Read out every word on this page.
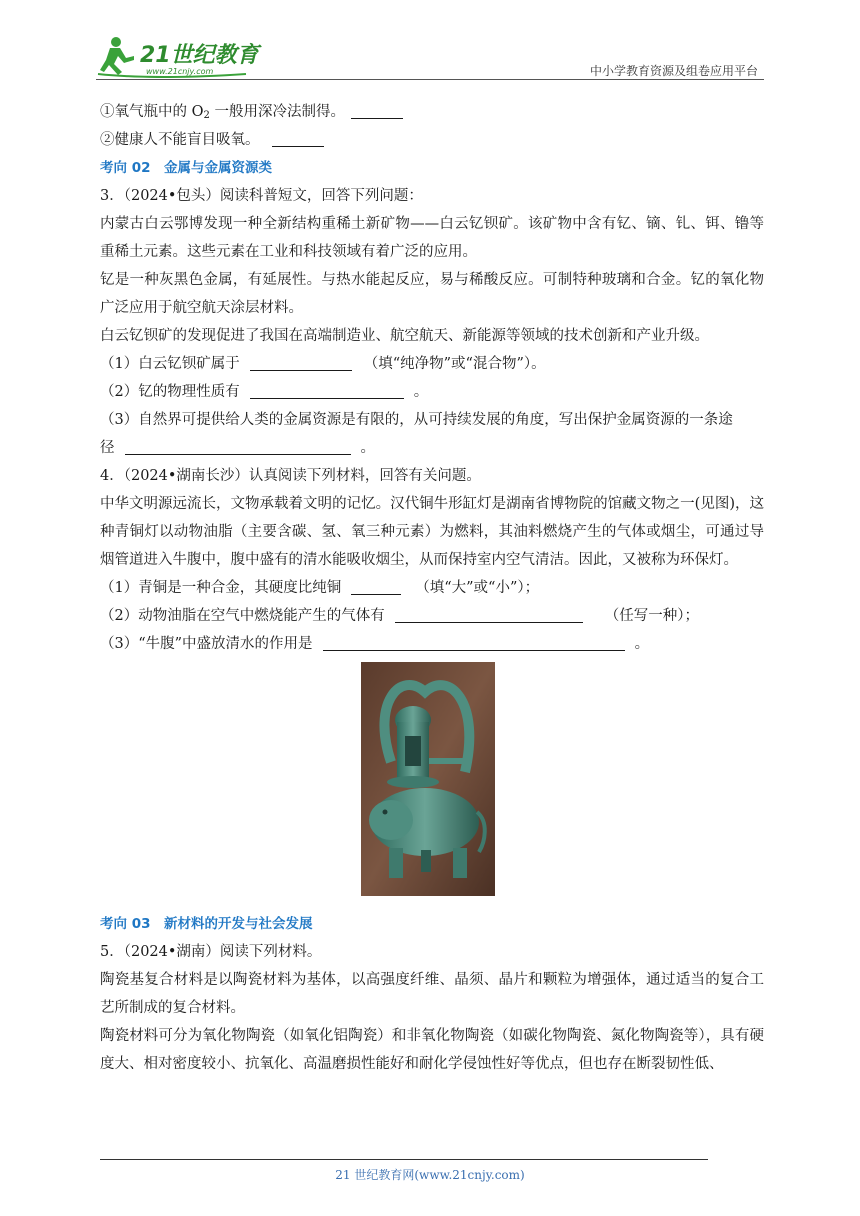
21世纪教育
www.21cnjy.com	中小学教育资源及组卷应用平台
①氧气瓶中的 $O_2$ 一般用深冷法制得。
②健康人不能盲目吸氧。
考向 02　金属与金属资源类
3．（2024•包头）阅读科普短文，回答下列问题：
内蒙古白云鄂博发现一种全新结构重稀土新矿物——白云钇钡矿。该矿物中含有钇、镝、钆、铒、镥等重稀土元素。这些元素在工业和科技领域有着广泛的应用。
钇是一种灰黑色金属，有延展性。与热水能起反应，易与稀酸反应。可制特种玻璃和合金。钇的氧化物广泛应用于航空航天涂层材料。
白云钇钡矿的发现促进了我国在高端制造业、航空航天、新能源等领域的技术创新和产业升级。
（1）白云钇钡矿属于	（填“纯净物”或“混合物”）。
（2）钇的物理性质有	。
（3）自然界可提供给人类的金属资源是有限的，从可持续发展的角度，写出保护金属资源的一条途
径	。
4．（2024•湖南长沙）认真阅读下列材料，回答有关问题。
中华文明源远流长，文物承载着文明的记忆。汉代铜牛形缸灯是湖南省博物院的馆藏文物之一(见图)，这种青铜灯以动物油脂（主要含碳、氢、氧三种元素）为燃料，其油料燃烧产生的气体或烟尘，可通过导烟管道进入牛腹中，腹中盛有的清水能吸收烟尘，从而保持室内空气清洁。因此，又被称为环保灯。
（1）青铜是一种合金，其硬度比纯铜	（填“大”或“小”）；
（2）动物油脂在空气中燃烧能产生的气体有	（任写一种）；
（3）“牛腹”中盛放清水的作用是	。
考向 03　新材料的开发与社会发展
5．（2024•湖南）阅读下列材料。
陶瓷基复合材料是以陶瓷材料为基体，以高强度纤维、晶须、晶片和颗粒为增强体，通过适当的复合工艺所制成的复合材料。
陶瓷材料可分为氧化物陶瓷（如氧化铝陶瓷）和非氧化物陶瓷（如碳化物陶瓷、氮化物陶瓷等），具有硬度大、相对密度较小、抗氧化、高温磨损性能好和耐化学侵蚀性好等优点，但也存在断裂韧性低、
21 世纪教育网(www.21cnjy.com)
